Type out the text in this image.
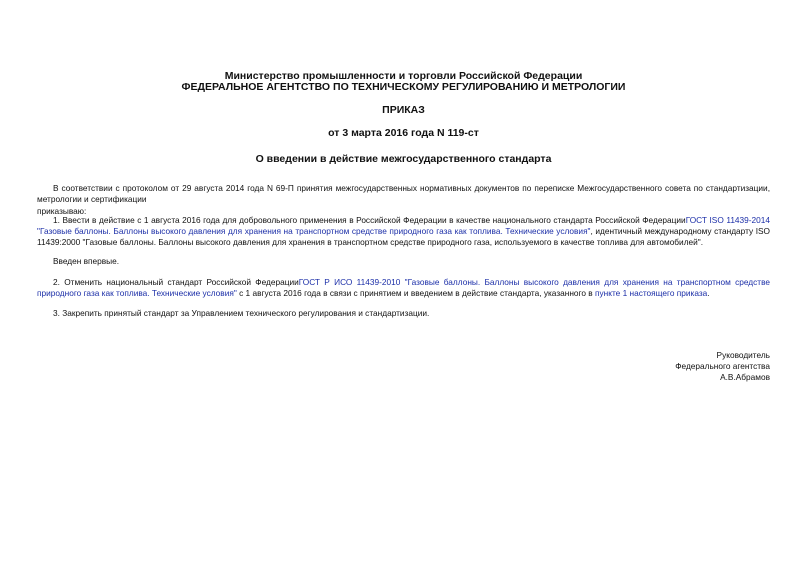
Министерство промышленности и торговли Российской Федерации
ФЕДЕРАЛЬНОЕ АГЕНТСТВО ПО ТЕХНИЧЕСКОМУ РЕГУЛИРОВАНИЮ И МЕТРОЛОГИИ
ПРИКАЗ
от 3 марта 2016 года N 119-ст
О введении в действие межгосударственного стандарта
В соответствии с протоколом от 29 августа 2014 года N 69-П принятия межгосударственных нормативных документов по переписке Межгосударственного совета по стандартизации, метрологии и сертификации
приказываю:
1. Ввести в действие с 1 августа 2016 года для добровольного применения в Российской Федерации в качестве национального стандарта Российской ФедерацииГОСТ ISO 11439-2014 "Газовые баллоны. Баллоны высокого давления для хранения на транспортном средстве природного газа как топлива. Технические условия", идентичный международному стандарту ISO 11439:2000 "Газовые баллоны. Баллоны высокого давления для хранения в транспортном средстве природного газа, используемого в качестве топлива для автомобилей".
Введен впервые.
2. Отменить национальный стандарт Российской ФедерацииГОСТ Р ИСО 11439-2010 "Газовые баллоны. Баллоны высокого давления для хранения на транспортном средстве природного газа как топлива. Технические условия" с 1 августа 2016 года в связи с принятием и введением в действие стандарта, указанного в пункте 1 настоящего приказа.
3. Закрепить принятый стандарт за Управлением технического регулирования и стандартизации.
Руководитель
Федерального агентства
А.В.Абрамов
